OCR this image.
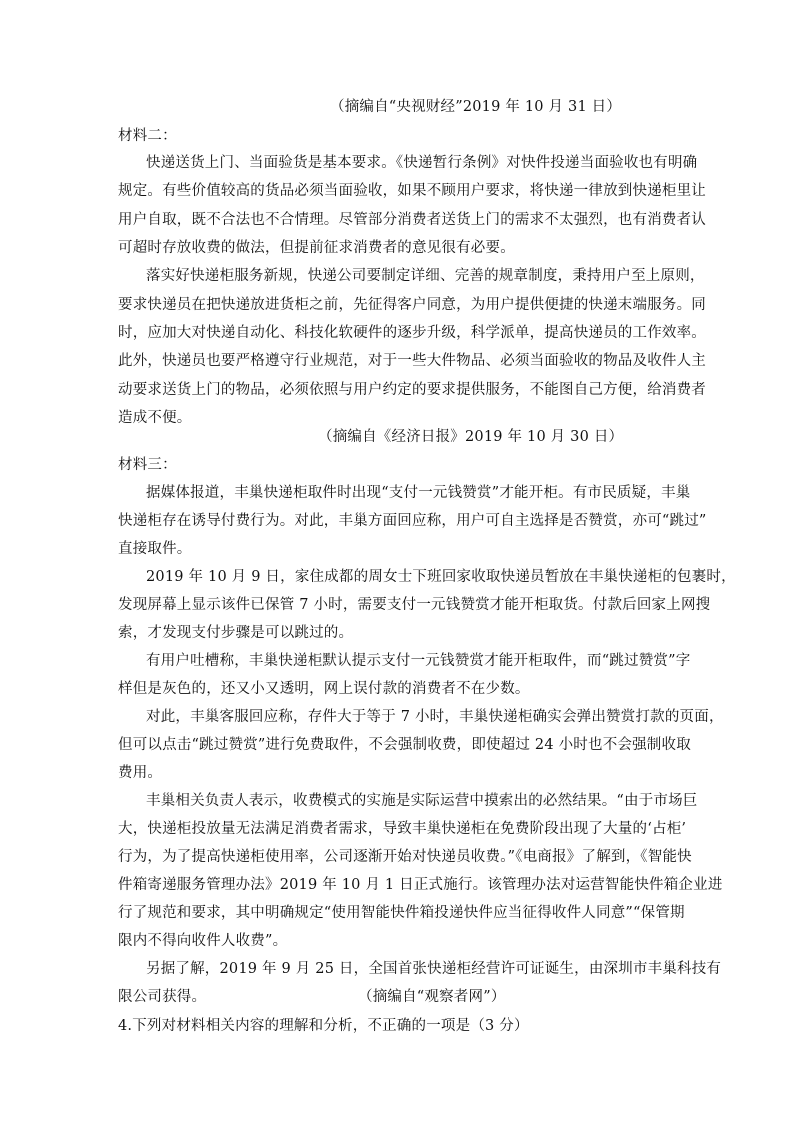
（摘编自“央视财经”2019 年 10 月 31 日）
材料二：
快递送货上门、当面验货是基本要求。《快递暂行条例》对快件投递当面验收也有明确
规定。有些价值较高的货品必须当面验收，如果不顾用户要求，将快递一律放到快递柜里让
用户自取，既不合法也不合情理。尽管部分消费者送货上门的需求不太强烈，也有消费者认
可超时存放收费的做法，但提前征求消费者的意见很有必要。
落实好快递柜服务新规，快递公司要制定详细、完善的规章制度，秉持用户至上原则，
要求快递员在把快递放进货柜之前，先征得客户同意，为用户提供便捷的快递末端服务。同
时，应加大对快递自动化、科技化软硬件的逐步升级，科学派单，提高快递员的工作效率。
此外，快递员也要严格遵守行业规范，对于一些大件物品、必须当面验收的物品及收件人主
动要求送货上门的物品，必须依照与用户约定的要求提供服务，不能图自己方便，给消费者
造成不便。
（摘编自《经济日报》2019 年 10 月 30 日）
材料三：
据媒体报道，丰巢快递柜取件时出现“支付一元钱赞赏”才能开柜。有市民质疑，丰巢
快递柜存在诱导付费行为。对此，丰巢方面回应称，用户可自主选择是否赞赏，亦可“跳过”
直接取件。
2019 年 10 月 9 日，家住成都的周女士下班回家收取快递员暂放在丰巢快递柜的包裹时，
发现屏幕上显示该件已保管 7 小时，需要支付一元钱赞赏才能开柜取货。付款后回家上网搜
索，才发现支付步骤是可以跳过的。
有用户吐槽称，丰巢快递柜默认提示支付一元钱赞赏才能开柜取件，而“跳过赞赏”字
样但是灰色的，还又小又透明，网上误付款的消费者不在少数。
对此，丰巢客服回应称，存件大于等于 7 小时，丰巢快递柜确实会弹出赞赏打款的页面，
但可以点击“跳过赞赏”进行免费取件，不会强制收费，即使超过 24 小时也不会强制收取
费用。
丰巢相关负责人表示，收费模式的实施是实际运营中摸索出的必然结果。“由于市场巨
大，快递柜投放量无法满足消费者需求，导致丰巢快递柜在免费阶段出现了大量的‘占柜’
行为，为了提高快递柜使用率，公司逐渐开始对快递员收费。”《电商报》了解到，《智能快
件箱寄递服务管理办法》2019 年 10 月 1 日正式施行。该管理办法对运营智能快件箱企业进
行了规范和要求，其中明确规定“使用智能快件箱投递快件应当征得收件人同意”“保管期
限内不得向收件人收费”。
另据了解，2019 年 9 月 25 日，全国首张快递柜经营许可证诞生，由深圳市丰巢科技有
限公司获得。	（摘编自“观察者网”）
4.下列对材料相关内容的理解和分析，不正确的一项是（3 分）
